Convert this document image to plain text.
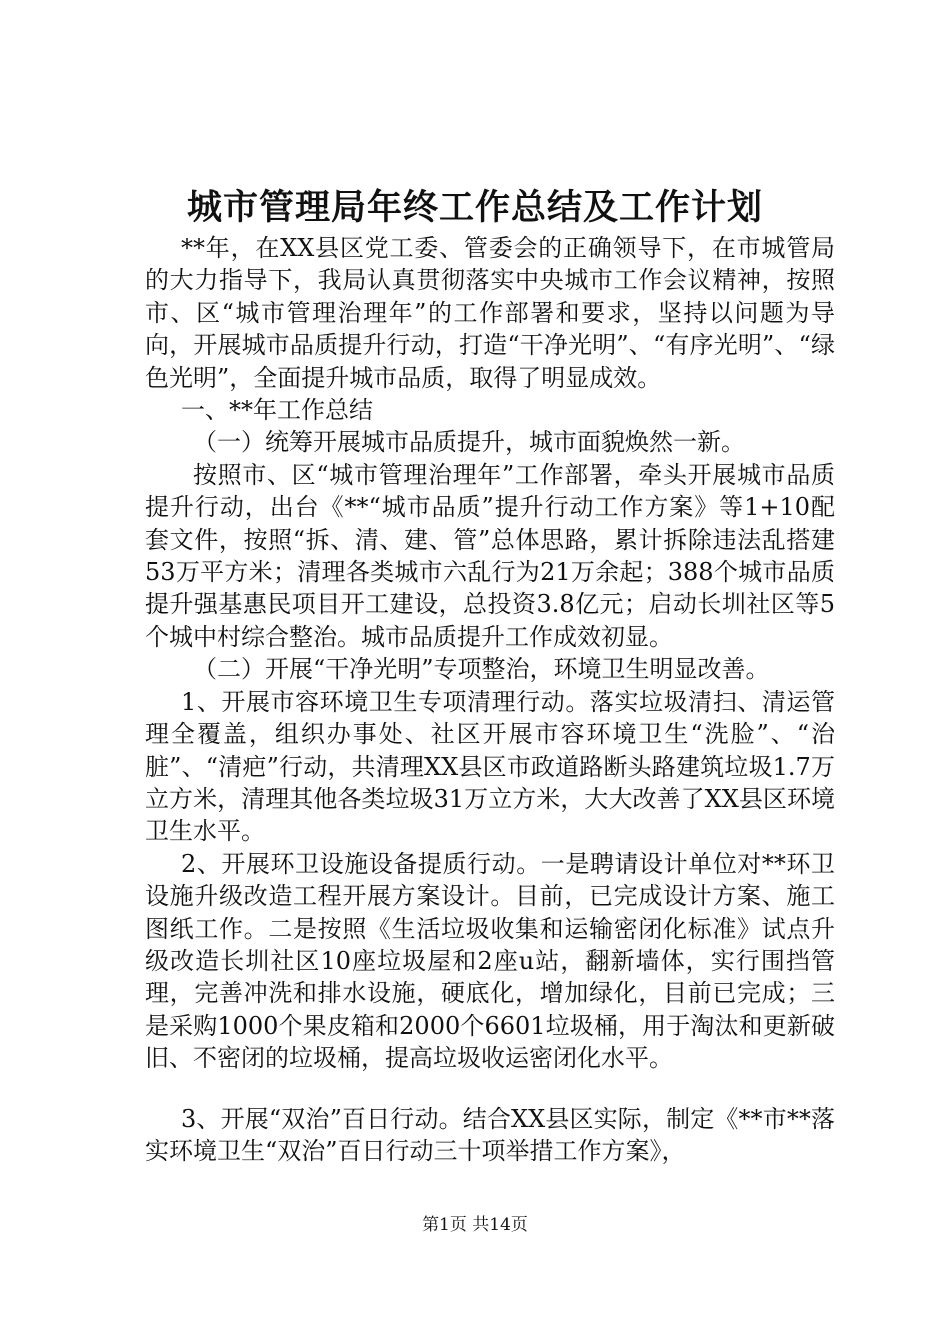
城市管理局年终工作总结及工作计划

**年，在XX县区党工委、管委会的正确领导下，在市城管局的大力指导下，我局认真贯彻落实中央城市工作会议精神，按照市、区“城市管理治理年”的工作部署和要求，坚持以问题为导向，开展城市品质提升行动，打造“干净光明”、“有序光明”、“绿色光明”，全面提升城市品质，取得了明显成效。

一、**年工作总结

（一）统筹开展城市品质提升，城市面貌焕然一新。

按照市、区“城市管理治理年”工作部署，牵头开展城市品质提升行动，出台《**“城市品质”提升行动工作方案》等1+10配套文件，按照“拆、清、建、管”总体思路，累计拆除违法乱搭建53万平方米；清理各类城市六乱行为21万余起；388个城市品质提升强基惠民项目开工建设，总投资3.8亿元；启动长圳社区等5个城中村综合整治。城市品质提升工作成效初显。

（二）开展“干净光明”专项整治，环境卫生明显改善。

1、开展市容环境卫生专项清理行动。落实垃圾清扫、清运管理全覆盖，组织办事处、社区开展市容环境卫生“洗脸”、“治脏”、“清疤”行动，共清理XX县区市政道路断头路建筑垃圾1.7万立方米，清理其他各类垃圾31万立方米，大大改善了XX县区环境卫生水平。

2、开展环卫设施设备提质行动。一是聘请设计单位对**环卫设施升级改造工程开展方案设计。目前，已完成设计方案、施工图纸工作。二是按照《生活垃圾收集和运输密闭化标准》试点升级改造长圳社区10座垃圾屋和2座u站，翻新墙体，实行围挡管理，完善冲洗和排水设施，硬底化，增加绿化，目前已完成；三是采购1000个果皮箱和2000个6601垃圾桶，用于淘汰和更新破旧、不密闭的垃圾桶，提高垃圾收运密闭化水平。

3、开展“双治”百日行动。结合XX县区实际，制定《**市**落实环境卫生“双治”百日行动三十项举措工作方案》，

第1页 共14页
